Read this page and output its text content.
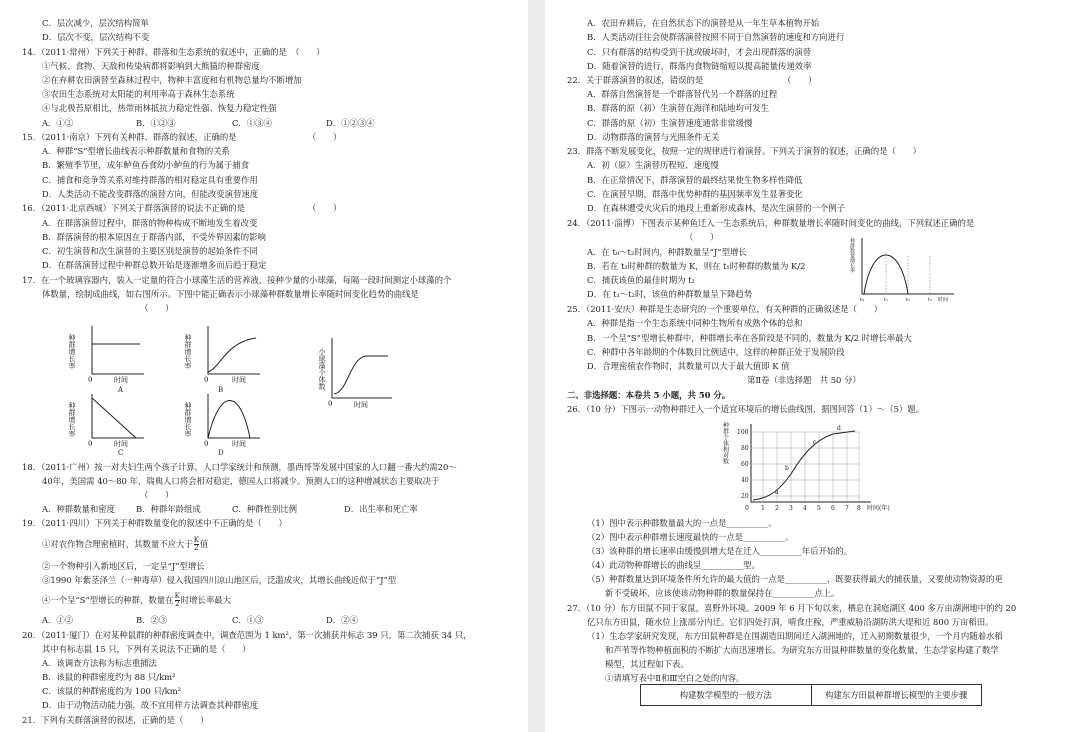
C．层次减少，层次结构简单
D．层次不变，层次结构不变
14．（2011·常州）下列关于种群、群落和生态系统的叙述中，正确的是　（　　）
①气候、食物、天敌和传染病都将影响到大熊猫的种群密度
②在弃耕农田演替至森林过程中，物种丰富度和有机物总量均不断增加
③农田生态系统对太阳能的利用率高于森林生态系统
④与北极苔原相比，热带雨林抵抗力稳定性强、恢复力稳定性强
A．①②	B．①②③	C．①③④	D．①②③④
15．（2011·南京）下列有关种群、群落的叙述，正确的是　　　　　　　　　（　　）
A．种群“S”型增长曲线表示种群数量和食物的关系
B．繁殖季节里，成年鲈鱼吞食幼小鲈鱼的行为属于捕食
C．捕食和竞争等关系对维持群落的相对稳定具有重要作用
D．人类活动不能改变群落的演替方向，但能改变演替速度
16．（2011·北京西城）下列关于群落演替的说法不正确的是　　　　　　　　（　　）
A．在群落演替过程中，群落的物种构成不断地发生着改变
B．群落演替的根本原因在于群落内部，不受外界因素的影响
C．初生演替和次生演替的主要区别是演替的起始条件不同
D．在群落演替过程中种群总数开始是逐渐增多而后趋于稳定
17．在一个玻璃容器内，装入一定量的符合小球藻生活的营养液，接种少量的小球藻，每隔一段时间测定小球藻的个
体数量，绘制成曲线，如右图所示。下图中能正确表示小球藻种群数量增长率随时间变化趋势的曲线是
（　　）
种群增长率
0	时间
A
种群增长率
0	时间
B
种群增长率
0	时间
C
种群增长率
0	时间
D
小球藻个体数
0	时间
18．（2011·广州）按一对夫妇生两个孩子计算，人口学家统计和预测，墨西哥等发展中国家的人口翻一番大约需20～
40年，美国需 40～80 年，瑞典人口将会相对稳定，德国人口将减少。预测人口的这种增减状态主要取决于
（　　）
A．种群数量和密度 B．种群年龄组成	C．种群性别比例	D．出生率和死亡率
19．（2011·四川）下列关于种群数量变化的叙述中不正确的是（　　）
①对农作物合理密植时，其数量不应大于 $\frac{K}{2}$ 值
②一个物种引入新地区后，一定呈“J”型增长
③1990 年紫茎泽兰（一种毒草）侵入我国四川凉山地区后，泛滥成灾，其增长曲线近似于“J”型
④一个呈“S”型增长的种群，数量在 $\frac{K}{2}$ 时增长率最大
A．①②	B．②③	C．①③	D．②④
20．（2011·厦门）在对某种鼠群的种群密度调查中，调查范围为 1 km²，第一次捕获并标志 39 只，第二次捕获 34 只，
其中有标志鼠 15 只，下列有关说法不正确的是（　　）
A．该调查方法称为标志重捕法
B．该鼠的种群密度约为 88 只/km²
C．该鼠的种群密度约为 100 只/km²
D．由于动物活动能力强，故不宜用样方法调查其种群密度
21．下列有关群落演替的叙述，正确的是（　　）
A．农田弃耕后，在自然状态下的演替是从一年生草本植物开始
B．人类活动往往会使群落演替按照不同于自然演替的速度和方向进行
C．只有群落的结构受到干扰或破坏时，才会出现群落的演替
D．随着演替的进行，群落内食物链缩短以提高能量传递效率
22．关于群落演替的叙述，错误的是　　　　　　　　　　（　　）
A．群落自然演替是一个群落替代另一个群落的过程
B．群落的原（初）生演替在海洋和陆地均可发生
C．群落的原（初）生演替速度通常非常缓慢
D．动物群落的演替与光照条件无关
23．群落不断发展变化，按照一定的规律进行着演替。下列关于演替的叙述，正确的是（　　）
A．初（原）生演替历程短、速度慢
B．在正常情况下，群落演替的最终结果使生物多样性降低
C．在演替早期，群落中优势种群的基因频率发生显著变化
D．在森林遭受火灾后的地段上重新形成森林，是次生演替的一个例子
24．（2011·淄博）下图表示某种鱼迁入一生态系统后，种群数量增长率随时间变化的曲线，下列叙述正确的是
（　　）
A．在 t₀～t₂时间内，种群数量呈“J”型增长
B．若在 t₂时种群的数量为 K，则在 t₁时种群的数量为 K/2
C．捕获该鱼的最佳时期为 t₂
D．在 t₁～t₂时，该鱼的种群数量呈下降趋势
种群数量增长率
t₀	t₁	t₂	t₃ 时间
25．（2011·安庆）种群是生态研究的一个重要单位，有关种群的正确叙述是（　　）
A．种群是指一个生态系统中同种生物所有成熟个体的总和
B．一个呈“S”型增长种群中，种群增长率在各阶段是不同的，数量为 K/2 时增长率最大
C．种群中各年龄期的个体数目比例适中，这样的种群正处于发展阶段
D．合理密植农作物时，其数量可以大于最大值即 K 值
第Ⅱ卷（非选择题　共 50 分）
二、非选择题：本卷共 5 小题，共 50 分。
26．（10 分）下图示一动物种群迁入一个适宜环境后的增长曲线图，据图回答（1）～（5）题。
种群个体相对数 100
80
60
40
20
0 1 2 3 4 5 6 7 8 时间(年)
a
b
c
d
（1）图中表示种群数量最大的一点是__________。
（2）图中表示种群增长速度最快的一点是__________。
（3）该种群的增长速率由缓慢到增大是在迁入__________年后开始的。
（4）此动物种群增长的曲线呈__________型。
（5）种群数量达到环境条件所允许的最大值的一点是__________，既要获得最大的捕获量，又要使动物资源的更
新不受破坏，应该使该动物种群的数量保持在__________点上。
27．（10 分）东方田鼠不同于家鼠，喜野外环境。2009 年 6 月下旬以来，栖息在洞庭湖区 400 多万亩湖洲地中的约 20
亿只东方田鼠，随水位上涨部分内迁。它们四处打洞，啃食庄稼，严重威胁沿湖防洪大堤和近 800 万亩稻田。
（1）生态学家研究发现，东方田鼠种群是在围湖造田期间迁入湖洲地的，迁入初期数量很少，一个月内随着水稻
和芦苇等作物种植面积的不断扩大而迅速增长。为研究东方田鼠种群数量的变化数量，生态学家构建了数学
模型，其过程如下表。
①请填写表中Ⅱ和Ⅲ空白之处的内容。
构建数学模型的一般方法	构建东方田鼠种群增长模型的主要步骤
